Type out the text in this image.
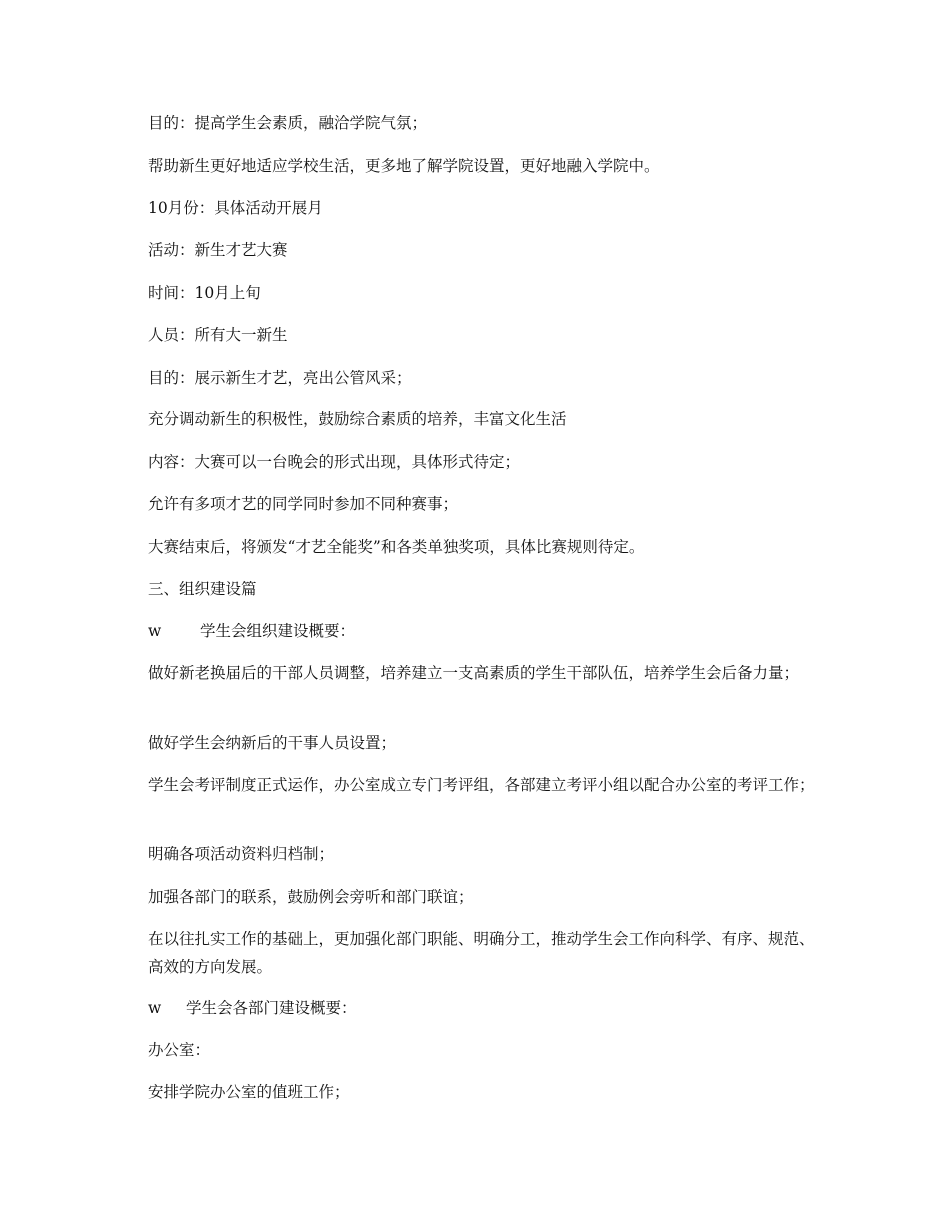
目的：提高学生会素质，融洽学院气氛；
帮助新生更好地适应学校生活，更多地了解学院设置，更好地融入学院中。
10月份：具体活动开展月
活动：新生才艺大赛
时间：10月上旬
人员：所有大一新生
目的：展示新生才艺，亮出公管风采；
充分调动新生的积极性，鼓励综合素质的培养，丰富文化生活
内容：大赛可以一台晚会的形式出现，具体形式待定；
允许有多项才艺的同学同时参加不同种赛事；
大赛结束后，将颁发“才艺全能奖”和各类单独奖项，具体比赛规则待定。
三、组织建设篇
w 学生会组织建设概要：
做好新老换届后的干部人员调整，培养建立一支高素质的学生干部队伍，培养学生会后备力量；
做好学生会纳新后的干事人员设置；
学生会考评制度正式运作，办公室成立专门考评组，各部建立考评小组以配合办公室的考评工作；
明确各项活动资料归档制；
加强各部门的联系，鼓励例会旁听和部门联谊；
在以往扎实工作的基础上，更加强化部门职能、明确分工，推动学生会工作向科学、有序、规范、高效的方向发展。
w 学生会各部门建设概要：
办公室：
安排学院办公室的值班工作；
